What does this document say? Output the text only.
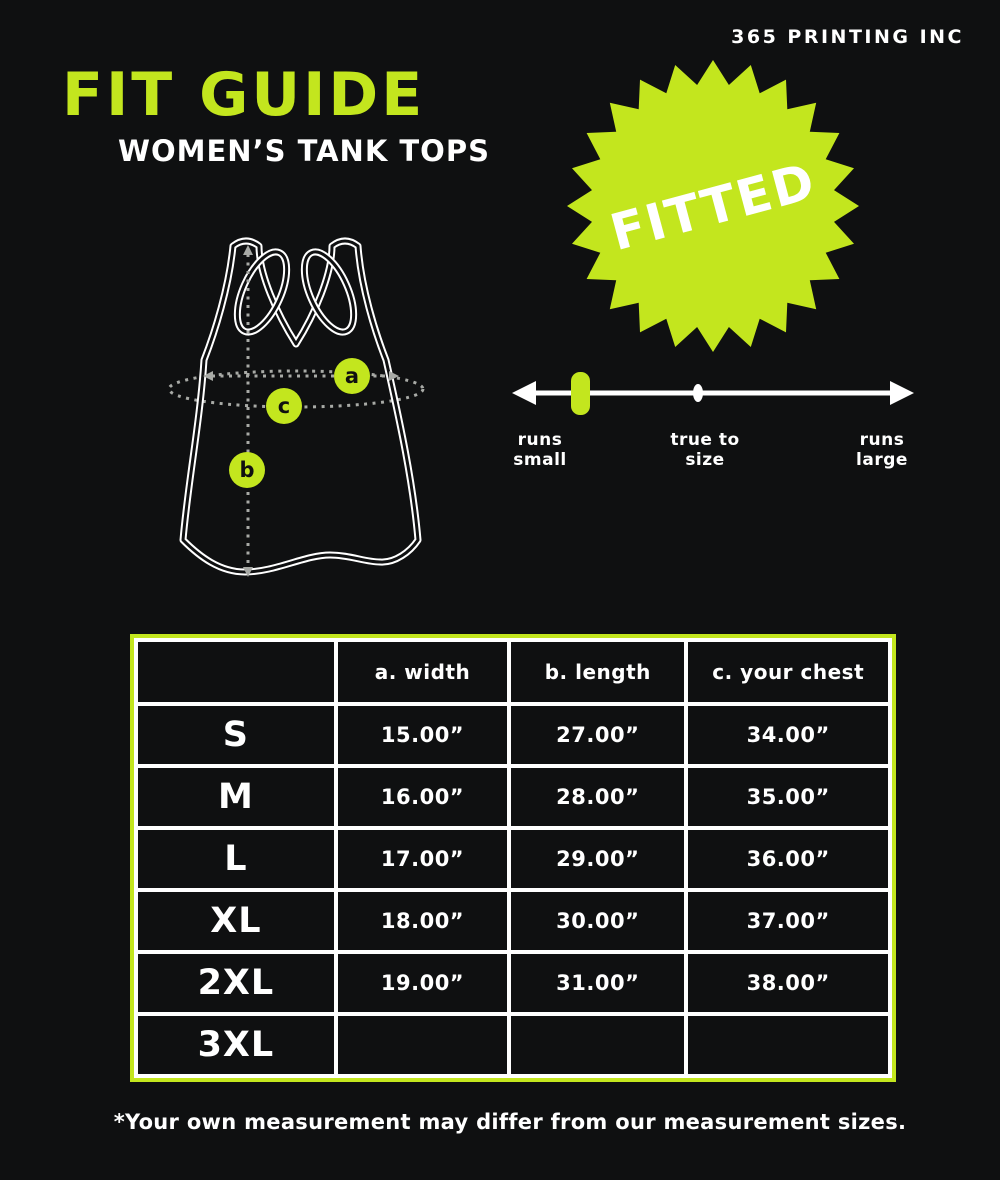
365 PRINTING INC
FIT GUIDE
WOMEN’S TANK TOPS
FITTED
a
c
b
runs
small
true to
size
runs
large
	a. width	b. length	c. your chest
S	15.00”	27.00”	34.00”
M	16.00”	28.00”	35.00”
L	17.00”	29.00”	36.00”
XL	18.00”	30.00”	37.00”
2XL	19.00”	31.00”	38.00”
3XL			
*Your own measurement may differ from our measurement sizes.
